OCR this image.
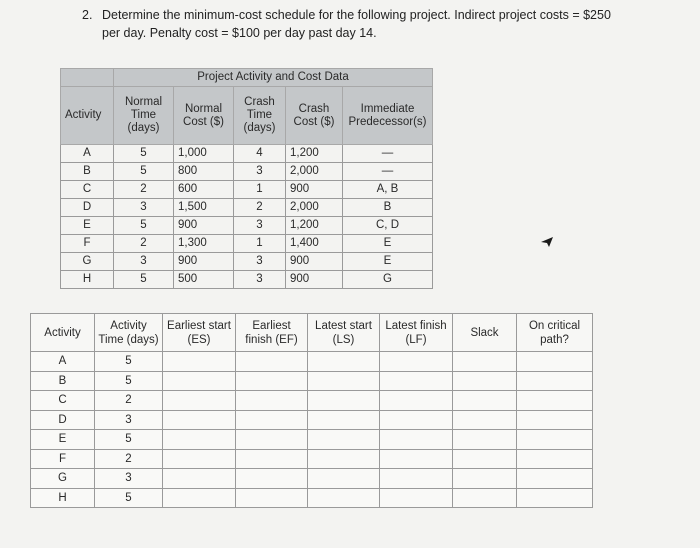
2. Determine the minimum-cost schedule for the following project. Indirect project costs = $250
per day. Penalty cost = $100 per day past day 14.
	Project Activity and Cost Data				
Activity	Normal Time (days)	Normal Cost ($)	Crash Time (days)	Crash Cost ($)	Immediate Predecessor(s)
A	5	1,000	4	1,200	—
B	5	800	3	2,000	—
C	2	600	1	900	A, B
D	3	1,500	2	2,000	B
E	5	900	3	1,200	C, D
F	2	1,300	1	1,400	E
G	3	900	3	900	E
H	5	500	3	900	G
Activity	Activity Time (days)	Earliest start (ES)	Earliest finish (EF)	Latest start (LS)	Latest finish (LF)	Slack	On critical path?
A	5						
B	5						
C	2						
D	3						
E	5						
F	2						
G	3						
H	5						
